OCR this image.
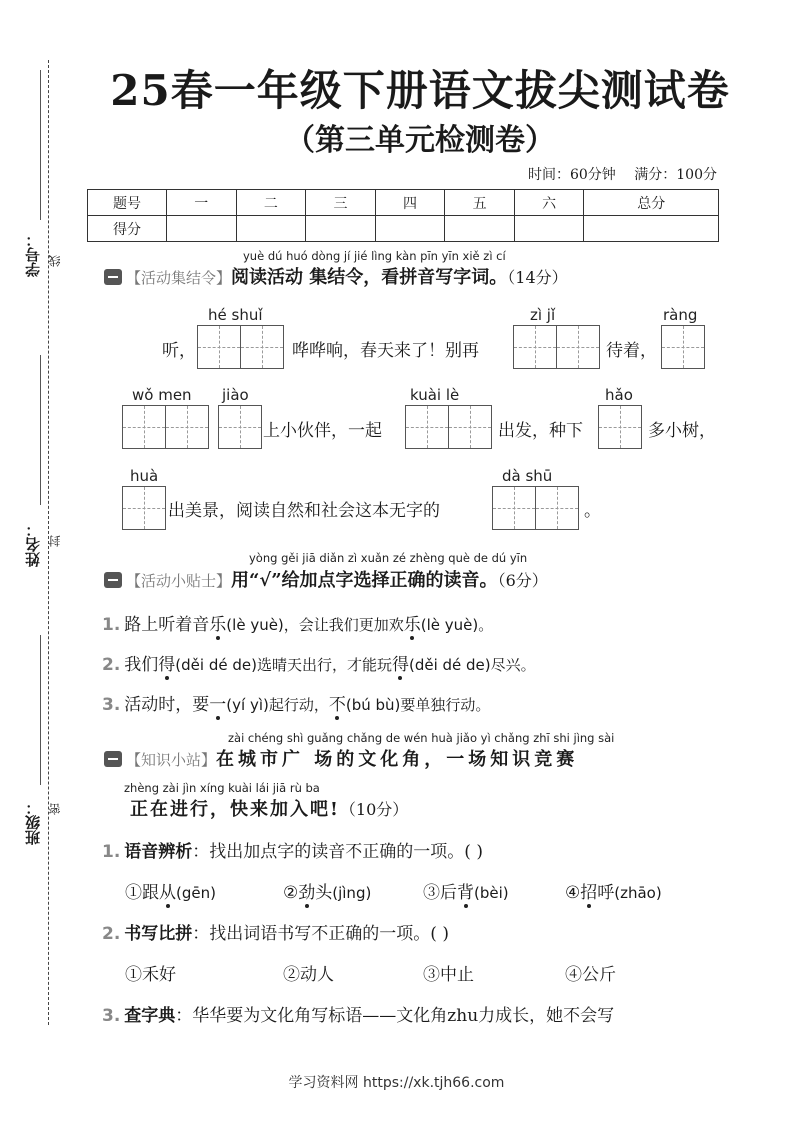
学号： 线
姓名： 封
班级： 密
25春一年级下册语文拔尖测试卷
（第三单元检测卷）
时间：60分钟 满分：100分
题号	一	二	三	四	五	六	总分
得分							
yuè dú huó dòng jí jié lìng kàn pīn yīn xiě zì cí
【活动集结令】阅读活动 集结令，看拼音写字词。（14分）
听，
hé shuǐ
哗哗响，春天来了！别再
zì jǐ
待着，
ràng
wǒ men jiào
上小伙伴，一起
kuài lè
出发，种下
hǎo
多小树，
huà
出美景，阅读自然和社会这本无字的
dà shū
。
yòng gěi jiā diǎn zì xuǎn zé zhèng què de dú yīn
【活动小贴士】用“√”给加点字选择正确的读音。（6分）
1. 路上听着音乐(lè yuè)，会让我们更加欢乐(lè yuè)。
2. 我们得(děi dé de)选晴天出行，才能玩得(děi dé de)尽兴。
3. 活动时，要一(yí yì)起行动，不(bú bù)要单独行动。
zài chéng shì guǎng chǎng de wén huà jiǎo yì chǎng zhī shi jìng sài
【知识小站】在城市广 场的文化角，一场知识竞赛
zhèng zài jìn xíng kuài lái jiā rù ba
正在进行，快来加入吧!（10分）
1. 语音辨析：找出加点字的读音不正确的一项。( )
①跟从(gēn)	②劲头(jìng)	③后背(bèi)	④招呼(zhāo)
2. 书写比拼：找出词语书写不正确的一项。( )
①禾好	②动人	③中止	④公斤
3. 查字典：华华要为文化角写标语——文化角zhu力成长，她不会写
学习资料网 https://xk.tjh66.com
